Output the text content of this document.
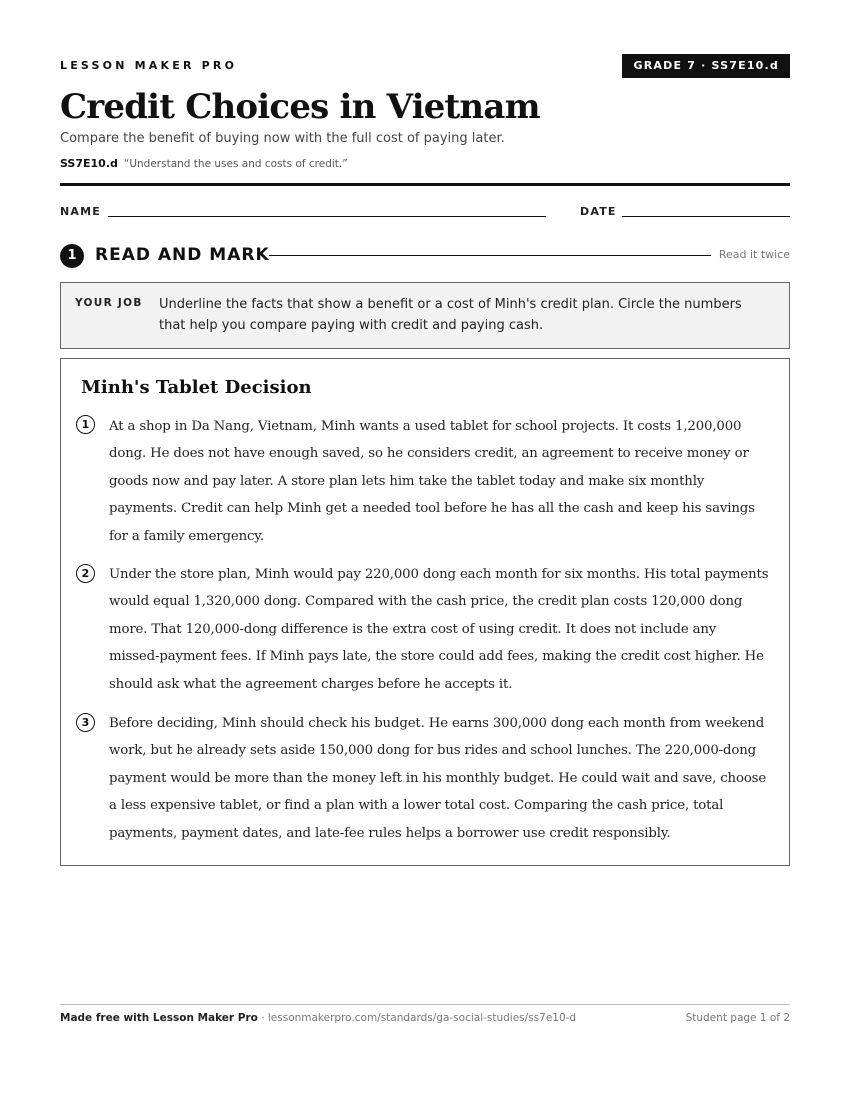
LESSON MAKER PRO	GRADE 7 · SS7E10.d
Credit Choices in Vietnam
Compare the benefit of buying now with the full cost of paying later.
SS7E10.d “Understand the uses and costs of credit.”
NAME	DATE
1	READ AND MARK	Read it twice
YOUR JOB Underline the facts that show a benefit or a cost of Minh's credit plan. Circle the numbers that help you compare paying with credit and paying cash.
Minh's Tablet Decision
1	At a shop in Da Nang, Vietnam, Minh wants a used tablet for school projects. It costs 1,200,000 dong. He does not have enough saved, so he considers credit, an agreement to receive money or goods now and pay later. A store plan lets him take the tablet today and make six monthly payments. Credit can help Minh get a needed tool before he has all the cash and keep his savings for a family emergency.
2	Under the store plan, Minh would pay 220,000 dong each month for six months. His total payments would equal 1,320,000 dong. Compared with the cash price, the credit plan costs 120,000 dong more. That 120,000-dong difference is the extra cost of using credit. It does not include any missed-payment fees. If Minh pays late, the store could add fees, making the credit cost higher. He should ask what the agreement charges before he accepts it.
3	Before deciding, Minh should check his budget. He earns 300,000 dong each month from weekend work, but he already sets aside 150,000 dong for bus rides and school lunches. The 220,000-dong payment would be more than the money left in his monthly budget. He could wait and save, choose a less expensive tablet, or find a plan with a lower total cost. Comparing the cash price, total payments, payment dates, and late-fee rules helps a borrower use credit responsibly.
Made free with Lesson Maker Pro · lessonmakerpro.com/standards/ga-social-studies/ss7e10-d	Student page 1 of 2
